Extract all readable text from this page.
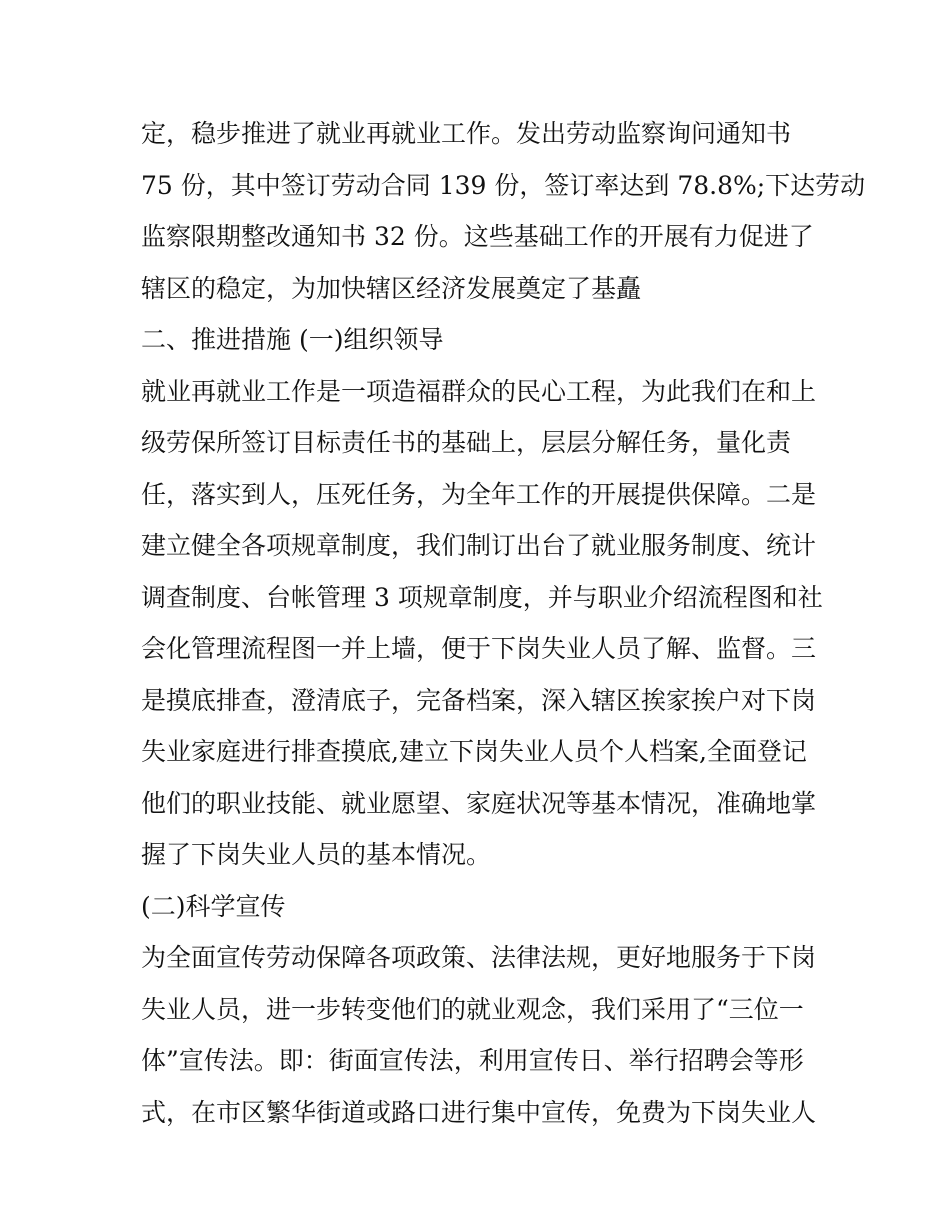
定，稳步推进了就业再就业工作。发出劳动监察询问通知书
75 份，其中签订劳动合同 139 份，签订率达到 78.8%;下达劳动
监察限期整改通知书 32 份。这些基础工作的开展有力促进了
辖区的稳定，为加快辖区经济发展奠定了基矗
二、推进措施 (一)组织领导
就业再就业工作是一项造福群众的民心工程，为此我们在和上
级劳保所签订目标责任书的基础上，层层分解任务，量化责
任，落实到人，压死任务，为全年工作的开展提供保障。二是
建立健全各项规章制度，我们制订出台了就业服务制度、统计
调查制度、台帐管理 3 项规章制度，并与职业介绍流程图和社
会化管理流程图一并上墙，便于下岗失业人员了解、监督。三
是摸底排查，澄清底子，完备档案，深入辖区挨家挨户对下岗
失业家庭进行排查摸底,建立下岗失业人员个人档案,全面登记
他们的职业技能、就业愿望、家庭状况等基本情况，准确地掌
握了下岗失业人员的基本情况。
(二)科学宣传
为全面宣传劳动保障各项政策、法律法规，更好地服务于下岗
失业人员，进一步转变他们的就业观念，我们采用了“三位一
体”宣传法。即：街面宣传法，利用宣传日、举行招聘会等形
式，在市区繁华街道或路口进行集中宣传，免费为下岗失业人
